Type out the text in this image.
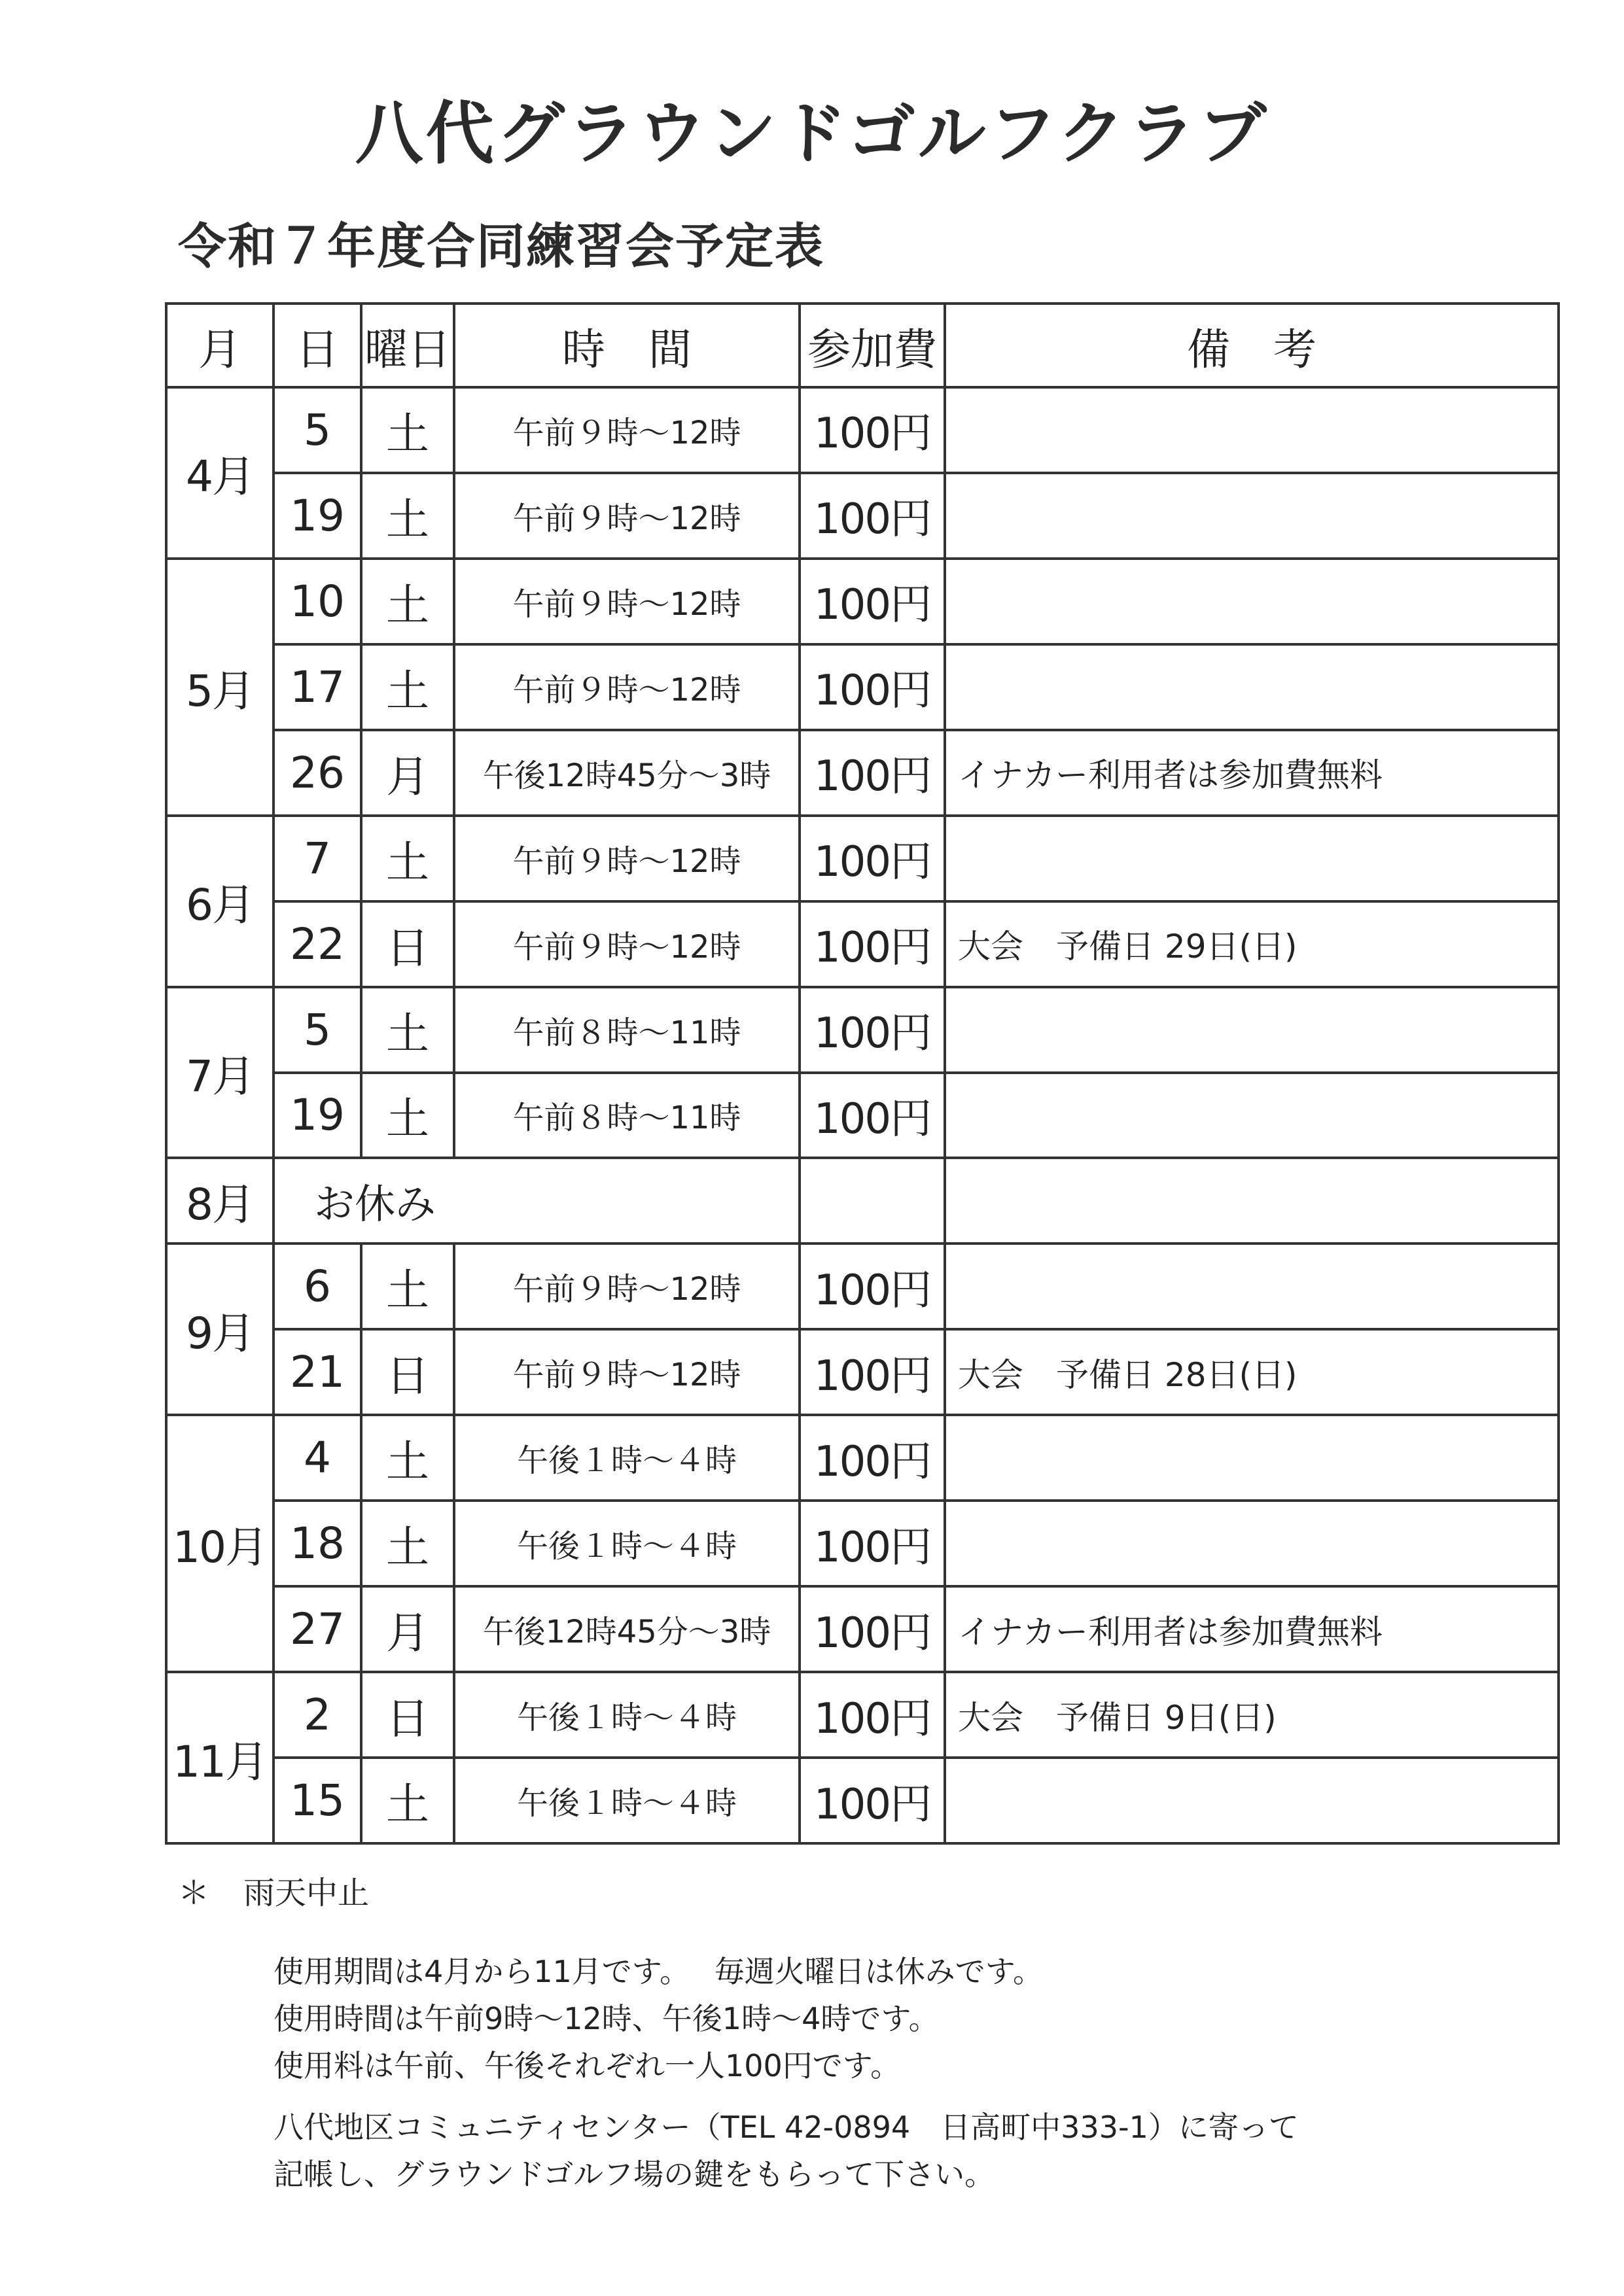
八代グラウンドゴルフクラブ
令和７年度合同練習会予定表
月	日	曜日	時　間	参加費	備　考
4月	5	土	午前９時～12時	100円	
	19	土	午前９時～12時	100円	
5月	10	土	午前９時～12時	100円	
	17	土	午前９時～12時	100円	
	26	月	午後12時45分～3時	100円	イナカー利用者は参加費無料
6月	7	土	午前９時～12時	100円	
	22	日	午前９時～12時	100円	大会　予備日 29日(日)
7月	5	土	午前８時～11時	100円	
	19	土	午前８時～11時	100円	
8月	お休み				
9月	6	土	午前９時～12時	100円	
	21	日	午前９時～12時	100円	大会　予備日 28日(日)
10月	4	土	午後１時～４時	100円	
	18	土	午後１時～４時	100円	
	27	月	午後12時45分～3時	100円	イナカー利用者は参加費無料
11月	2	日	午後１時～４時	100円	大会　予備日 9日(日)
	15	土	午後１時～４時	100円	
＊ 雨天中止
使用期間は4月から11月です。　 毎週火曜日は休みです。
使用時間は午前9時～12時、午後1時～4時です。
使用料は午前、午後それぞれ一人100円です。
八代地区コミュニティセンター（TEL 42-0894　日高町中333-1）に寄って
記帳し、グラウンドゴルフ場の鍵をもらって下さい。
